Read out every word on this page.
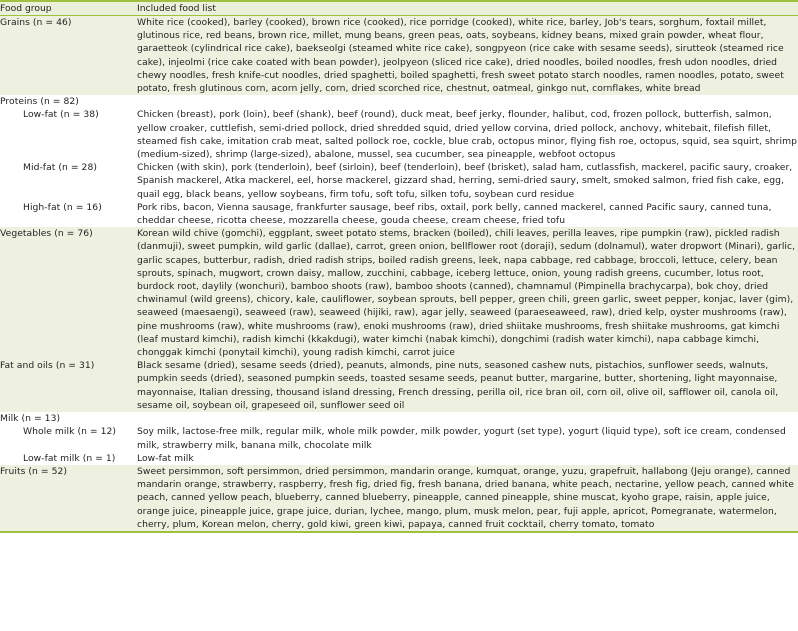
Food group	Included food list
Grains (n = 46)	White rice (cooked), barley (cooked), brown rice (cooked), rice porridge (cooked), white rice, barley, Job's tears, sorghum, foxtail millet, glutinous rice, red beans, brown rice, millet, mung beans, green peas, oats, soybeans, kidney beans, mixed grain powder, wheat flour, garaetteok (cylindrical rice cake), baekseolgi (steamed white rice cake), songpyeon (rice cake with sesame seeds), sirutteok (steamed rice cake), injeolmi (rice cake coated with bean powder), jeolpyeon (sliced rice cake), dried noodles, boiled noodles, fresh udon noodles, dried chewy noodles, fresh knife-cut noodles, dried spaghetti, boiled spaghetti, fresh sweet potato starch noodles, ramen noodles, potato, sweet potato, fresh glutinous corn, acorn jelly, corn, dried scorched rice, chestnut, oatmeal, ginkgo nut, cornflakes, white bread
Proteins (n = 82)	
Low-fat (n = 38)	Chicken (breast), pork (loin), beef (shank), beef (round), duck meat, beef jerky, flounder, halibut, cod, frozen pollock, butterfish, salmon, yellow croaker, cuttlefish, semi-dried pollock, dried shredded squid, dried yellow corvina, dried pollock, anchovy, whitebait, filefish fillet, steamed fish cake, imitation crab meat, salted pollock roe, cockle, blue crab, octopus minor, flying fish roe, octopus, squid, sea squirt, shrimp (medium-sized), shrimp (large-sized), abalone, mussel, sea cucumber, sea pineapple, webfoot octopus
Mid-fat (n = 28)	Chicken (with skin), pork (tenderloin), beef (sirloin), beef (tenderloin), beef (brisket), salad ham, cutlassfish, mackerel, pacific saury, croaker, Spanish mackerel, Atka mackerel, eel, horse mackerel, gizzard shad, herring, semi-dried saury, smelt, smoked salmon, fried fish cake, egg, quail egg, black beans, yellow soybeans, firm tofu, soft tofu, silken tofu, soybean curd residue
High-fat (n = 16)	Pork ribs, bacon, Vienna sausage, frankfurter sausage, beef ribs, oxtail, pork belly, canned mackerel, canned Pacific saury, canned tuna, cheddar cheese, ricotta cheese, mozzarella cheese, gouda cheese, cream cheese, fried tofu
Vegetables (n = 76)	Korean wild chive (gomchi), eggplant, sweet potato stems, bracken (boiled), chili leaves, perilla leaves, ripe pumpkin (raw), pickled radish (danmuji), sweet pumpkin, wild garlic (dallae), carrot, green onion, bellflower root (doraji), sedum (dolnamul), water dropwort (Minari), garlic, garlic scapes, butterbur, radish, dried radish strips, boiled radish greens, leek, napa cabbage, red cabbage, broccoli, lettuce, celery, bean sprouts, spinach, mugwort, crown daisy, mallow, zucchini, cabbage, iceberg lettuce, onion, young radish greens, cucumber, lotus root, burdock root, daylily (wonchuri), bamboo shoots (raw), bamboo shoots (canned), chamnamul (Pimpinella brachycarpa), bok choy, dried chwinamul (wild greens), chicory, kale, cauliflower, soybean sprouts, bell pepper, green chili, green garlic, sweet pepper, konjac, laver (gim), seaweed (maesaengi), seaweed (raw), seaweed (hijiki, raw), agar jelly, seaweed (paraeseaweed, raw), dried kelp, oyster mushrooms (raw), pine mushrooms (raw), white mushrooms (raw), enoki mushrooms (raw), dried shiitake mushrooms, fresh shiitake mushrooms, gat kimchi (leaf mustard kimchi), radish kimchi (kkakdugi), water kimchi (nabak kimchi), dongchimi (radish water kimchi), napa cabbage kimchi, chonggak kimchi (ponytail kimchi), young radish kimchi, carrot juice
Fat and oils (n = 31)	Black sesame (dried), sesame seeds (dried), peanuts, almonds, pine nuts, seasoned cashew nuts, pistachios, sunflower seeds, walnuts, pumpkin seeds (dried), seasoned pumpkin seeds, toasted sesame seeds, peanut butter, margarine, butter, shortening, light mayonnaise, mayonnaise, Italian dressing, thousand island dressing, French dressing, perilla oil, rice bran oil, corn oil, olive oil, safflower oil, canola oil, sesame oil, soybean oil, grapeseed oil, sunflower seed oil
Milk (n = 13)	
Whole milk (n = 12)	Soy milk, lactose-free milk, regular milk, whole milk powder, milk powder, yogurt (set type), yogurt (liquid type), soft ice cream, condensed milk, strawberry milk, banana milk, chocolate milk
Low-fat milk (n = 1)	Low-fat milk
Fruits (n = 52)	Sweet persimmon, soft persimmon, dried persimmon, mandarin orange, kumquat, orange, yuzu, grapefruit, hallabong (Jeju orange), canned mandarin orange, strawberry, raspberry, fresh fig, dried fig, fresh banana, dried banana, white peach, nectarine, yellow peach, canned white peach, canned yellow peach, blueberry, canned blueberry, pineapple, canned pineapple, shine muscat, kyoho grape, raisin, apple juice, orange juice, pineapple juice, grape juice, durian, lychee, mango, plum, musk melon, pear, fuji apple, apricot, Pomegranate, watermelon, cherry, plum, Korean melon, cherry, gold kiwi, green kiwi, papaya, canned fruit cocktail, cherry tomato, tomato
